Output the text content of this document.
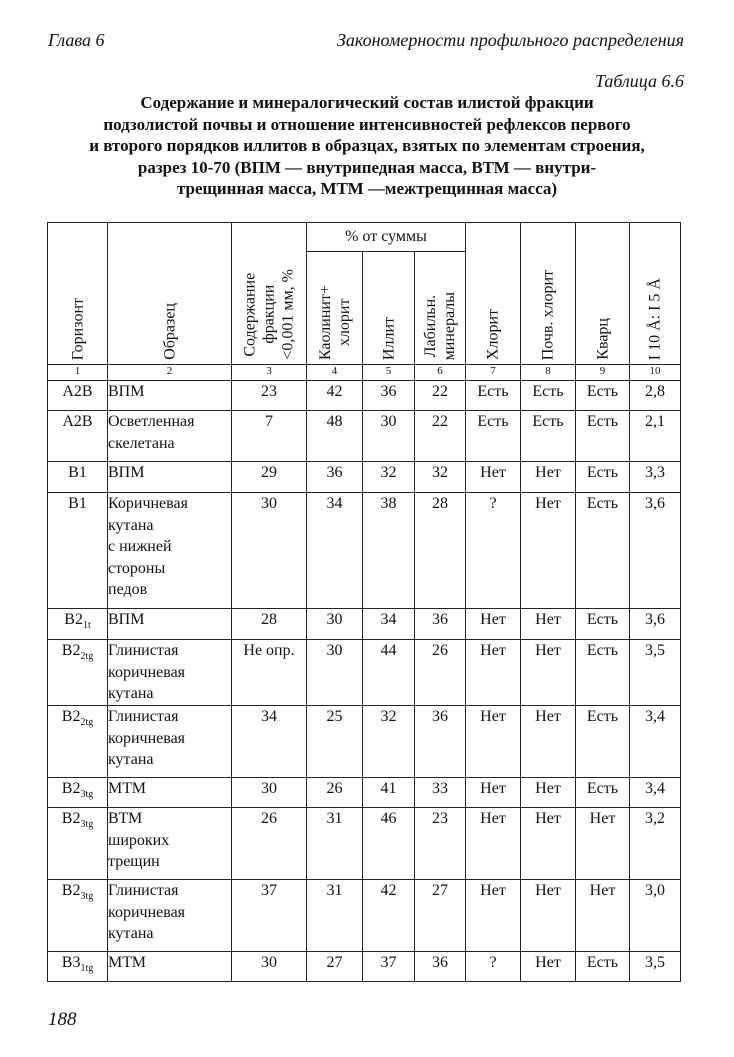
Глава 6	Закономерности профильного распределения
Таблица 6.6
Содержание и минералогический состав илистой фракции
подзолистой почвы и отношение интенсивностей рефлексов первого
и второго порядков иллитов в образцах, взятых по элементам строения,
разрез 10-70 (ВПМ — внутрипедная масса, ВТМ — внутри-
трещинная масса, МТМ —межтрещинная масса)
Горизонт	Образец	Содержание фракции <0,001 мм, %	% от суммы			Хлорит	Почв. хлорит	Кварц	I 10 Å: I 5 Å

			Каолинит+ хлорит	Иллит	Лабильн. минералы				

1	2	3	4	5	6	7	8	9	10
A2B	ВПМ	23	42	36	22	Есть	Есть	Есть	2,8
A2B	Осветленная
скелетана	7	48	30	22	Есть	Есть	Есть	2,1
B1	ВПМ	29	36	32	32	Нет	Нет	Есть	3,3
B1	Коричневая
кутана
с нижней
стороны
педов	30	34	38	28	?	Нет	Есть	3,6
$B2_{1t}$	ВПМ	28	30	34	36	Нет	Нет	Есть	3,6
$B2_{2tg}$	Глинистая
коричневая
кутана	Не опр.	30	44	26	Нет	Нет	Есть	3,5
$B2_{2tg}$	Глинистая
коричневая
кутана	34	25	32	36	Нет	Нет	Есть	3,4
$B2_{3tg}$	МТМ	30	26	41	33	Нет	Нет	Есть	3,4
$B2_{3tg}$	ВТМ
широких
трещин	26	31	46	23	Нет	Нет	Нет	3,2
$B2_{3tg}$	Глинистая
коричневая
кутана	37	31	42	27	Нет	Нет	Нет	3,0
$B3_{1tg}$	МТМ	30	27	37	36	?	Нет	Есть	3,5
188
